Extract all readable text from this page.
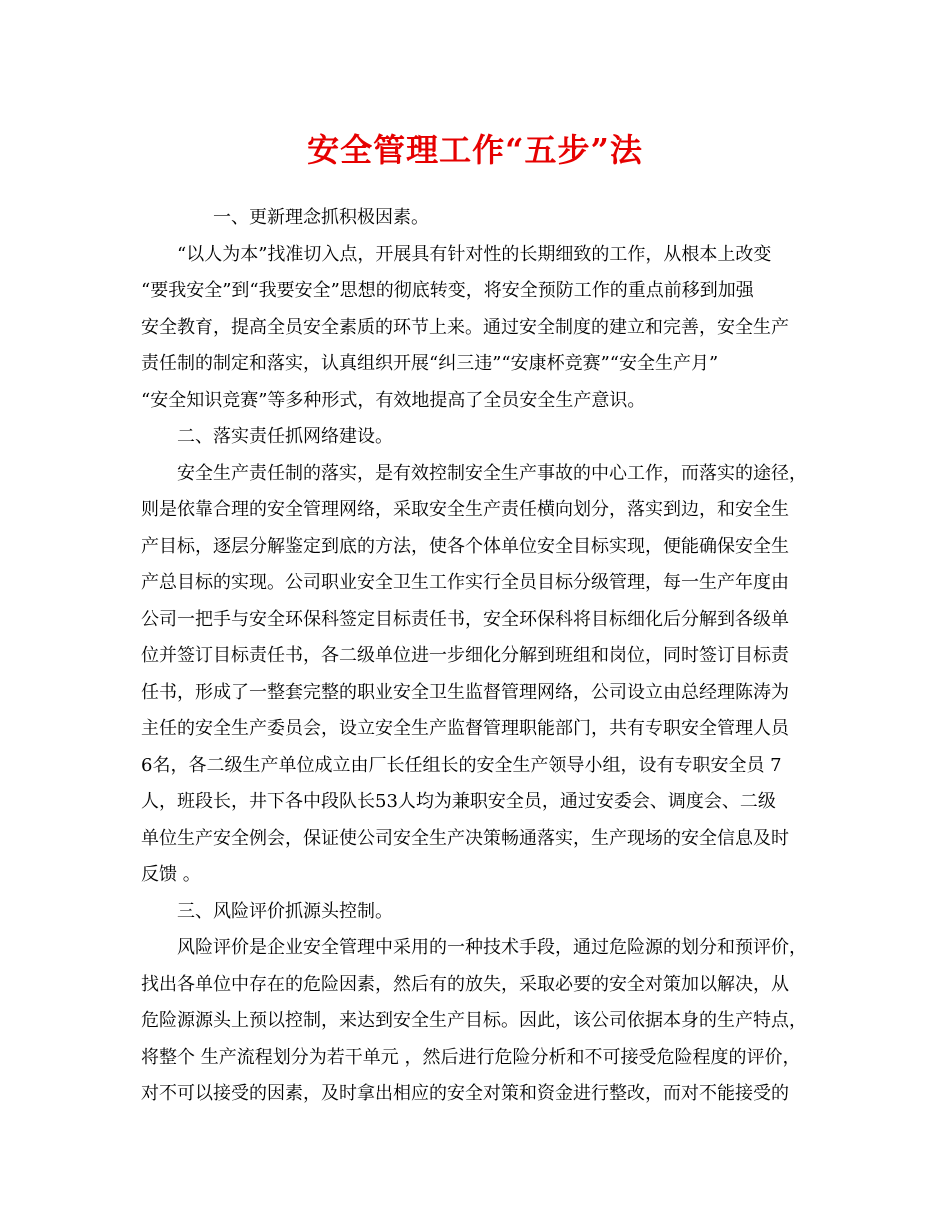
安全管理工作“五步”法
一、更新理念抓积极因素。
“以人为本”找准切入点，开展具有针对性的长期细致的工作，从根本上改变
“要我安全”到“我要安全”思想的彻底转变，将安全预防工作的重点前移到加强
安全教育，提高全员安全素质的环节上来。通过安全制度的建立和完善，安全生产
责任制的制定和落实，认真组织开展“纠三违”“安康杯竞赛”“安全生产月”
“安全知识竞赛”等多种形式，有效地提高了全员安全生产意识。
二、落实责任抓网络建设。
安全生产责任制的落实，是有效控制安全生产事故的中心工作，而落实的途径，
则是依靠合理的安全管理网络，采取安全生产责任横向划分，落实到边，和安全生
产目标，逐层分解鉴定到底的方法，使各个体单位安全目标实现，便能确保安全生
产总目标的实现。公司职业安全卫生工作实行全员目标分级管理，每一生产年度由
公司一把手与安全环保科签定目标责任书，安全环保科将目标细化后分解到各级单
位并签订目标责任书，各二级单位进一步细化分解到班组和岗位，同时签订目标责
任书，形成了一整套完整的职业安全卫生监督管理网络，公司设立由总经理陈涛为
主任的安全生产委员会，设立安全生产监督管理职能部门，共有专职安全管理人员
6名，各二级生产单位成立由厂长任组长的安全生产领导小组，设有专职安全员 7
人，班段长，井下各中段队长53人均为兼职安全员，通过安委会、调度会、二级
单位生产安全例会，保证使公司安全生产决策畅通落实，生产现场的安全信息及时
反馈 。
三、风险评价抓源头控制。
风险评价是企业安全管理中采用的一种技术手段，通过危险源的划分和预评价，
找出各单位中存在的危险因素，然后有的放失，采取必要的安全对策加以解决，从
危险源源头上预以控制，来达到安全生产目标。因此，该公司依据本身的生产特点，
将整个 生产流程划分为若干单元 ，然后进行危险分析和不可接受危险程度的评价，
对不可以接受的因素，及时拿出相应的安全对策和资金进行整改，而对不能接受的
